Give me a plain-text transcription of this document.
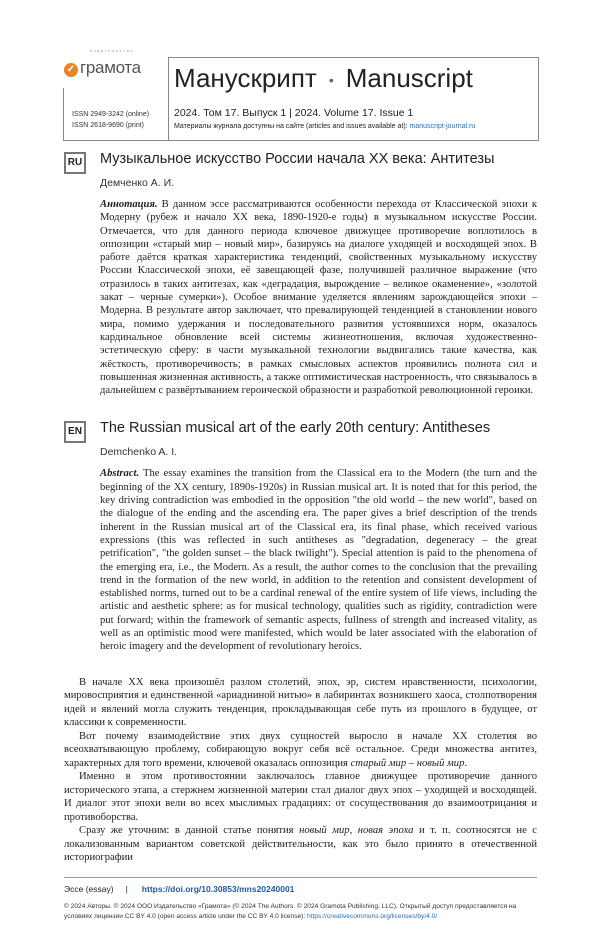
издательство
✓ грамота Манускрипт • Manuscript
2024. Том 17. Выпуск 1 | 2024. Volume 17. Issue 1
Материалы журнала доступны на сайте (articles and issues available at): manuscript-journal.ru
ISSN 2949-3242 (online)
ISSN 2618-9690 (print)
RU Музыкальное искусство России начала XX века: Антитезы
Демченко А. И.
Аннотация. В данном эссе рассматриваются особенности перехода от Классической эпохи к Модерну (рубеж и начало XX века, 1890-1920-е годы) в музыкальном искусстве России. Отмечается, что для данного периода ключевое движущее противоречие воплотилось в оппозиции «старый мир – новый мир», базируясь на диалоге уходящей и восходящей эпох. В работе даётся краткая характеристика тенденций, свойственных музыкальному искусству России Классической эпохи, её завещающей фазе, получившей различное выражение (что отразилось в таких антитезах, как «деградация, вырождение – великое окаменение», «золотой закат – черные сумерки»). Особое внимание уделяется явлениям зарождающейся эпохи – Модерна. В результате автор заключает, что превалирующей тенденцией в становлении нового мира, помимо удержания и последовательного развития устоявшихся норм, оказалось кардинальное обновление всей системы жизнеотношения, включая художественно-эстетическую сферу: в части музыкальной технологии выдвигались такие качества, как жёсткость, противоречивость; в рамках смысловых аспектов проявились полнота сил и повышенная жизненная активность, а также оптимистическая настроенность, что связывалось в дальнейшем с развёртыванием героической образности и разработкой революционной героики.
EN The Russian musical art of the early 20th century: Antitheses
Demchenko A. I.
Abstract. The essay examines the transition from the Classical era to the Modern (the turn and the beginning of the XX century, 1890s-1920s) in Russian musical art. It is noted that for this period, the key driving contradiction was embodied in the opposition "the old world – the new world", based on the dialogue of the ending and the ascending era. The paper gives a brief description of the trends inherent in the Russian musical art of the Classical era, its final phase, which received various expressions (this was reflected in such antitheses as "degradation, degeneracy – the great petrification", "the golden sunset – the black twilight"). Special attention is paid to the phenomena of the emerging era, i.e., the Modern. As a result, the author comes to the conclusion that the prevailing trend in the formation of the new world, in addition to the retention and consistent development of established norms, turned out to be a cardinal renewal of the entire system of life views, including the artistic and aesthetic sphere: as for musical technology, qualities such as rigidity, contradiction were put forward; within the framework of semantic aspects, fullness of strength and increased vitality, as well as an optimistic mood were manifested, which would be later associated with the elaboration of heroic imagery and the development of revolutionary heroics.

В начале XX века произошёл разлом столетий, эпох, эр, систем нравственности, психологии, мировосприятия и единственной «ариадниной нитью» в лабиринтах возникшего хаоса, столпотворения идей и явлений могла служить тенденция, прокладывающая себе путь из прошлого в будущее, от классики к современности.

Вот почему взаимодействие этих двух сущностей выросло в начале XX столетия во всеохватывающую проблему, собирающую вокруг себя всё остальное. Среди множества антитез, характерных для того времени, ключевой оказалась оппозиция старый мир – новый мир.

Именно в этом противостоянии заключалось главное движущее противоречие данного исторического этапа, а стержнем жизненной материи стал диалог двух эпох – уходящей и восходящей. И диалог этот эпохи вели во всех мыслимых градациях: от сосуществования до взаимоотрицания и противоборства.

Сразу же уточним: в данной статье понятия новый мир, новая эпоха и т. п. соотносятся не с локализованным вариантом советской действительности, как это было принято в отечественной историографии

Эссе (essay) | https://doi.org/10.30853/mns20240001
© 2024 Авторы. © 2024 ООО Издательство «Грамота» (© 2024 The Authors. © 2024 Gramota Publishing, LLC). Открытый доступ предоставляется на условиях лицензии CC BY 4.0 (open access article under the CC BY 4.0 license): https://creativecommons.org/licenses/by/4.0/
